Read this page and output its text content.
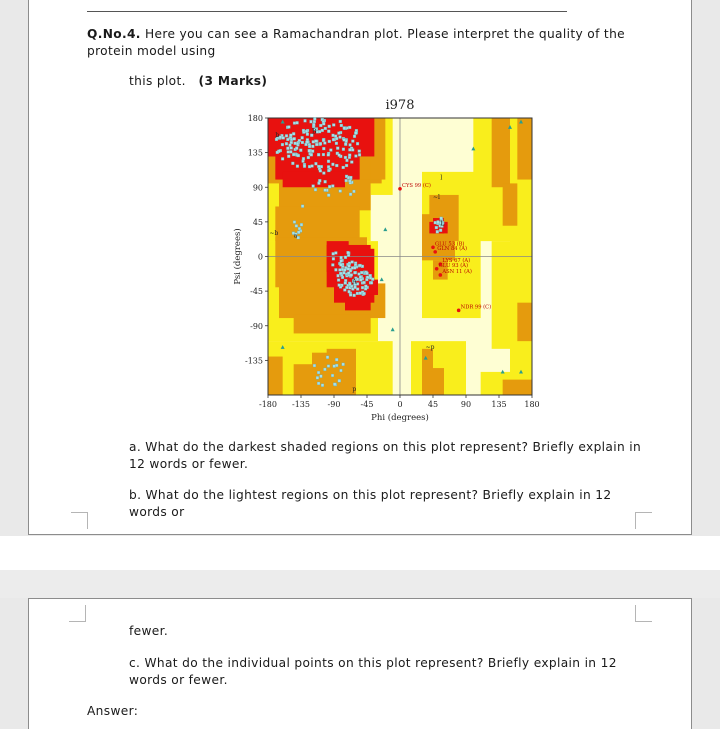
Q.No.4. Here you can see a Ramachandran plot. Please interpret the quality of the protein model using
this plot. (3 Marks)
CYS 99 (C)
GLU 53 (B)
GLN 84 (A)
LYS 67 (A)
GLU 93 (A)
ASN 11 (A)
NDR 99 (C)
b
B
l
L
p
~b
~l
~p
A
a
i978
-180 -135 -90	-45	0	45	90	135 180
180
135
90
45
0
-45
-90
-135
Phi (degrees)
Psi (degrees)
a. What do the darkest shaded regions on this plot represent? Briefly explain in 12 words or fewer.
b. What do the lightest regions on this plot represent? Briefly explain in 12 words or
fewer.
c. What do the individual points on this plot represent? Briefly explain in 12 words or fewer.
Answer:
